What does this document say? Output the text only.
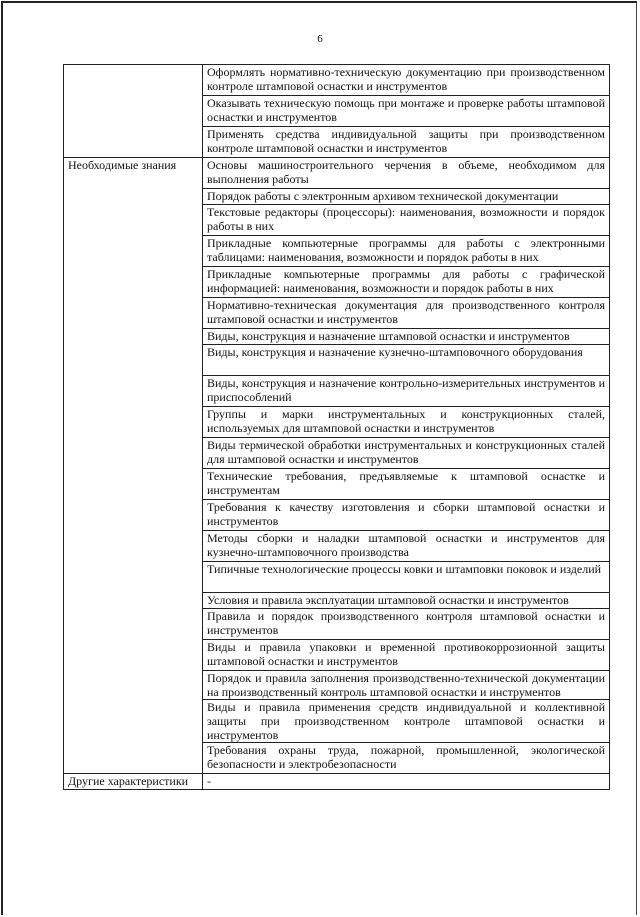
6
	Оформлять нормативно-техническую документацию при производственном контроле штамповой оснастки и инструментов
	Оказывать техническую помощь при монтаже и проверке работы штамповой оснастки и инструментов
	Применять средства индивидуальной защиты при производственном контроле штамповой оснастки и инструментов
Необходимые знания	Основы машиностроительного черчения в объеме, необходимом для выполнения работы
	Порядок работы с электронным архивом технической документации
	Текстовые редакторы (процессоры): наименования, возможности и порядок работы в них
	Прикладные компьютерные программы для работы с электронными таблицами: наименования, возможности и порядок работы в них
	Прикладные компьютерные программы для работы с графической информацией: наименования, возможности и порядок работы в них
	Нормативно-техническая документация для производственного контроля штамповой оснастки и инструментов
	Виды, конструкция и назначение штамповой оснастки и инструментов
	Виды, конструкция и назначение кузнечно-штамповочного оборудования
	Виды, конструкция и назначение контрольно-измерительных инструментов и приспособлений
	Группы и марки инструментальных и конструкционных сталей, используемых для штамповой оснастки и инструментов
	Виды термической обработки инструментальных и конструкционных сталей для штамповой оснастки и инструментов
	Технические требования, предъявляемые к штамповой оснастке и инструментам
	Требования к качеству изготовления и сборки штамповой оснастки и инструментов
	Методы сборки и наладки штамповой оснастки и инструментов для кузнечно-штамповочного производства
	Типичные технологические процессы ковки и штамповки поковок и изделий
	Условия и правила эксплуатации штамповой оснастки и инструментов
	Правила и порядок производственного контроля штамповой оснастки и инструментов
	Виды и правила упаковки и временной противокоррозионной защиты штамповой оснастки и инструментов
	Порядок и правила заполнения производственно-технической документации на производственный контроль штамповой оснастки и инструментов
	Виды и правила применения средств индивидуальной и коллективной защиты при производственном контроле штамповой оснастки и инструментов
	Требования охраны труда, пожарной, промышленной, экологической безопасности и электробезопасности
Другие характеристики	-
